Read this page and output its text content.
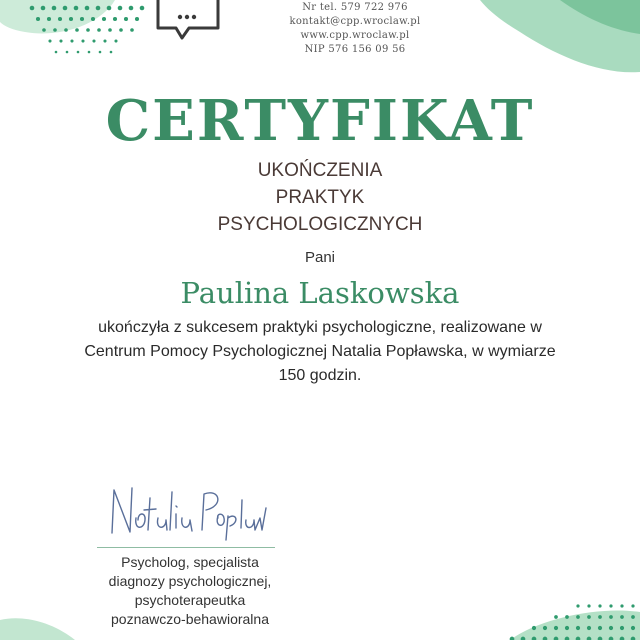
Nr tel. 579 722 976
kontakt@cpp.wroclaw.pl
www.cpp.wroclaw.pl
NIP 576 156 09 56
CERTYFIKAT
UKOŃCZENIA
PRAKTYK
PSYCHOLOGICZNYCH
Pani
Paulina Laskowska
ukończyła z sukcesem praktyki psychologiczne, realizowane w
Centrum Pomocy Psychologicznej Natalia Popławska, w wymiarze
150 godzin.
Psycholog, specjalista
diagnozy psychologicznej,
psychoterapeutka
poznawczo-behawioralna
